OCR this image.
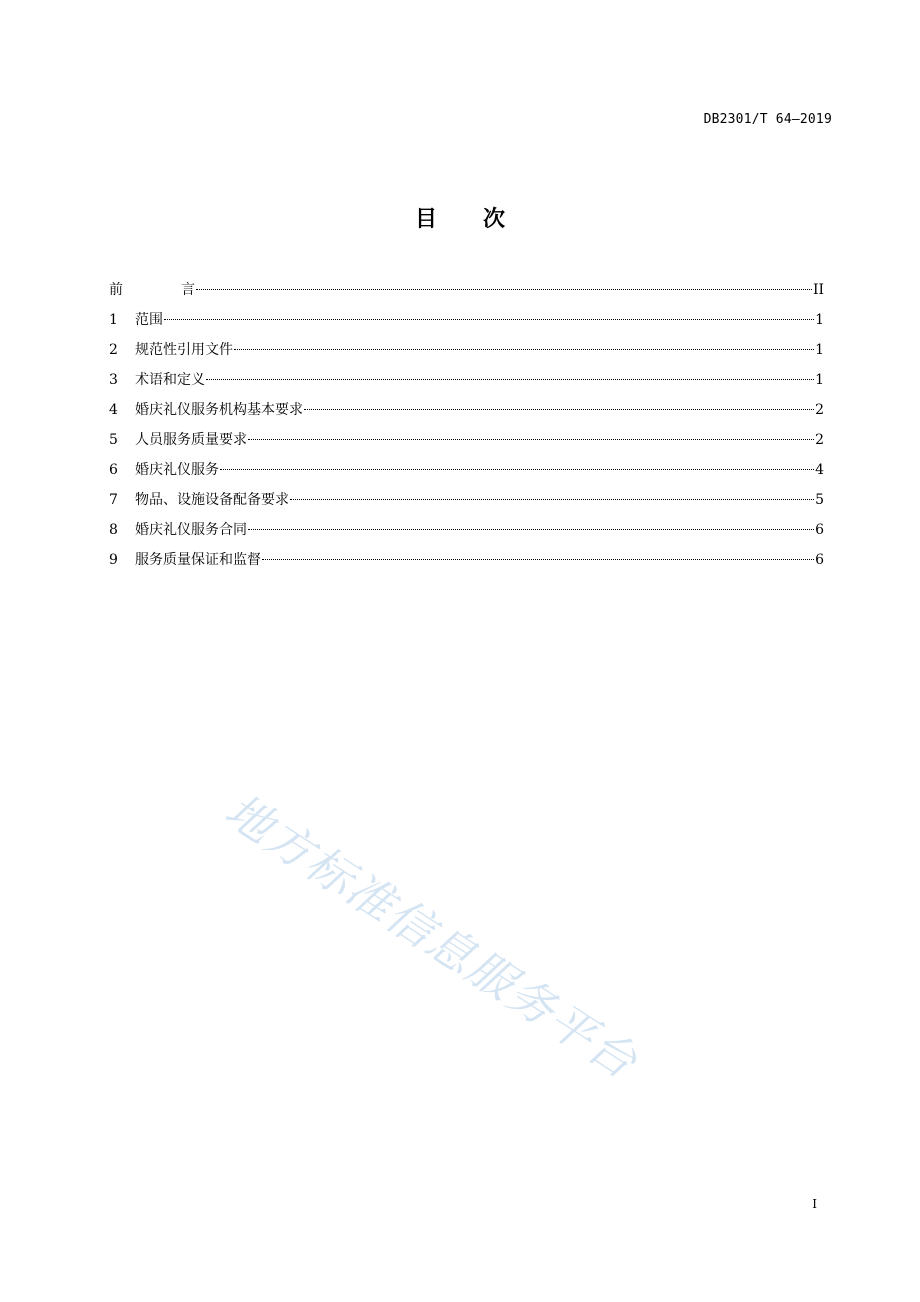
DB2301/T 64—2019
目 次
前　言	II
1	范围	1
2	规范性引用文件	1
3	术语和定义	1
4	婚庆礼仪服务机构基本要求	2
5	人员服务质量要求	2
6	婚庆礼仪服务	4
7	物品、设施设备配备要求	5
8	婚庆礼仪服务合同	6
9	服务质量保证和监督	6
地方标准信息服务平台
I
